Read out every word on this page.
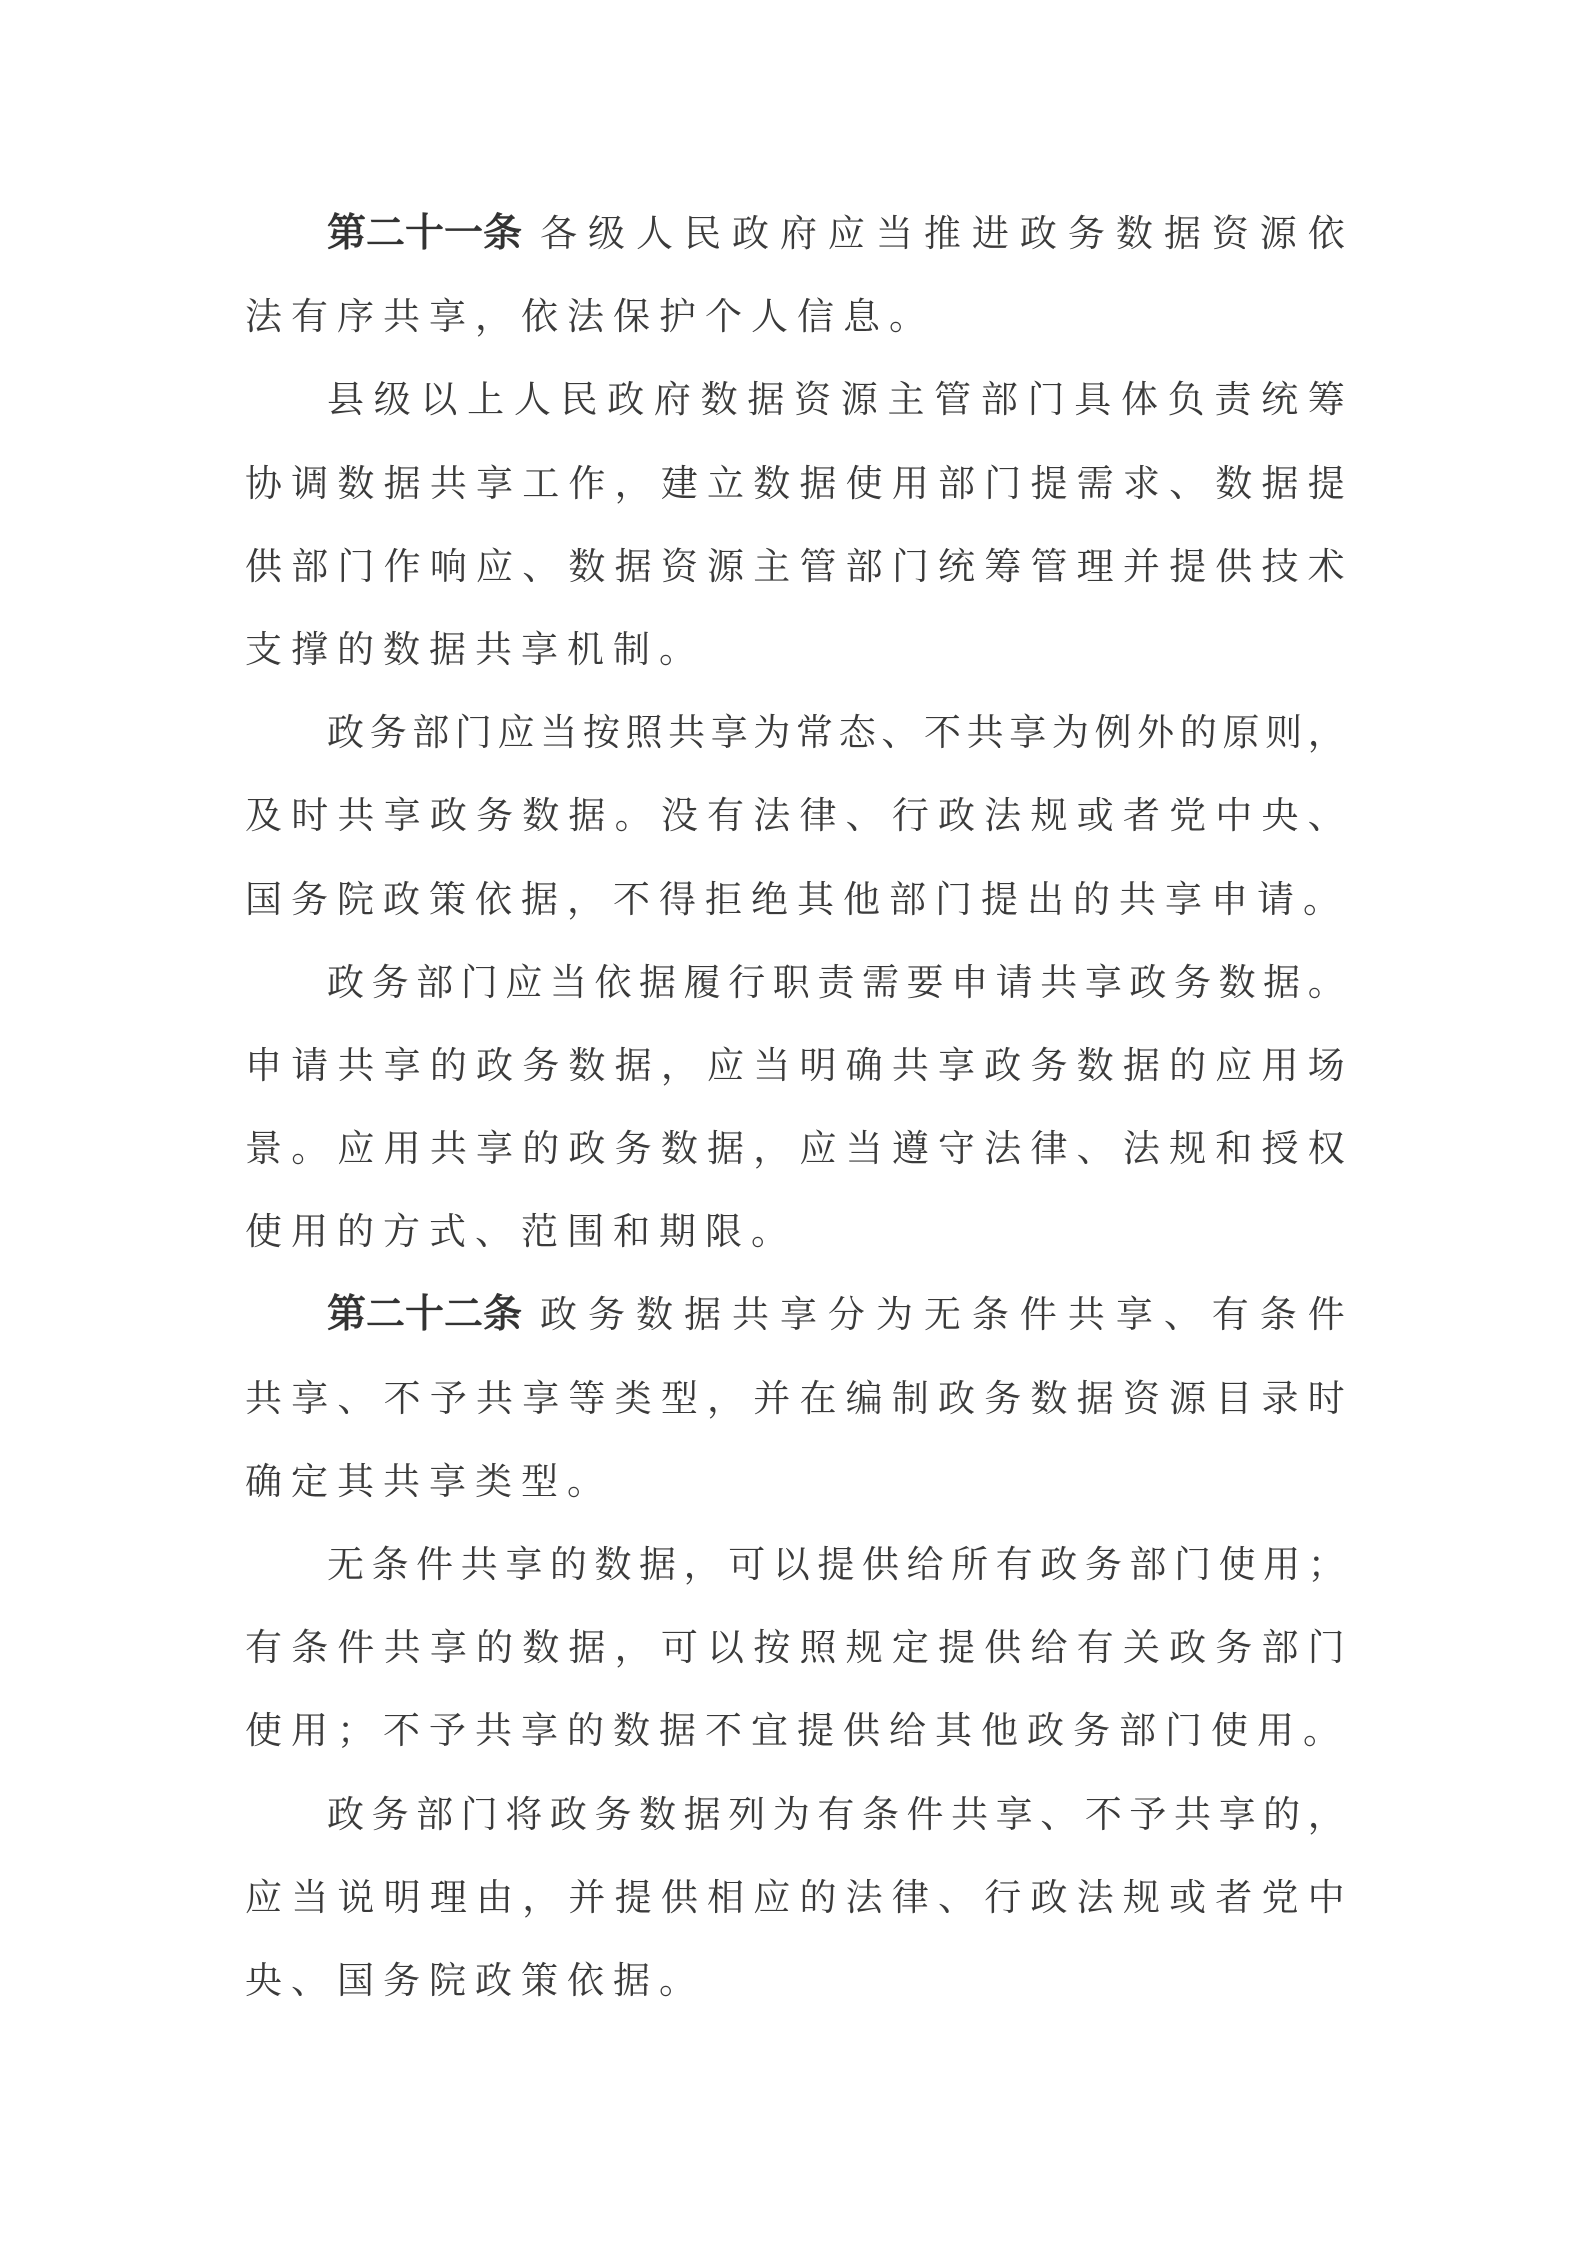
第二十一条 各 级 人 民 政 府 应 当 推 进 政 务 数 据 资 源 依
法有序共享，依法保护个人信息。

县 级 以 上 人 民 政 府 数 据 资 源 主 管 部 门 具 体 负 责 统 筹
协 调 数 据 共 享 工 作 ， 建 立 数 据 使 用 部 门 提 需 求 、 数 据 提
供 部 门 作 响 应 、 数 据 资 源 主 管 部 门 统 筹 管 理 并 提 供 技 术
支撑的数据共享机制。

政 务 部 门 应 当 按 照 共 享 为 常 态 、 不 共 享 为 例 外 的 原 则 ，
及 时 共 享 政 务 数 据 。 没 有 法 律 、 行 政 法 规 或 者 党 中 央 、
国务院政策依据，不得拒绝其他部门提出的共享申请。

政 务 部 门 应 当 依 据 履 行 职 责 需 要 申 请 共 享 政 务 数 据 。
申 请 共 享 的 政 务 数 据 ， 应 当 明 确 共 享 政 务 数 据 的 应 用 场
景 。 应 用 共 享 的 政 务 数 据 ， 应 当 遵 守 法 律 、 法 规 和 授 权
使用的方式、范围和期限。

第二十二条 政 务 数 据 共 享 分 为 无 条 件 共 享 、 有 条 件
共 享 、 不 予 共 享 等 类 型 ， 并 在 编 制 政 务 数 据 资 源 目 录 时
确定其共享类型。

无 条 件 共 享 的 数 据 ， 可 以 提 供 给 所 有 政 务 部 门 使 用 ；
有 条 件 共 享 的 数 据 ， 可 以 按 照 规 定 提 供 给 有 关 政 务 部 门
使用；不予共享的数据不宜提供给其他政务部门使用。

政 务 部 门 将 政 务 数 据 列 为 有 条 件 共 享 、 不 予 共 享 的 ，
应 当 说 明 理 由 ， 并 提 供 相 应 的 法 律 、 行 政 法 规 或 者 党 中
央、国务院政策依据。
